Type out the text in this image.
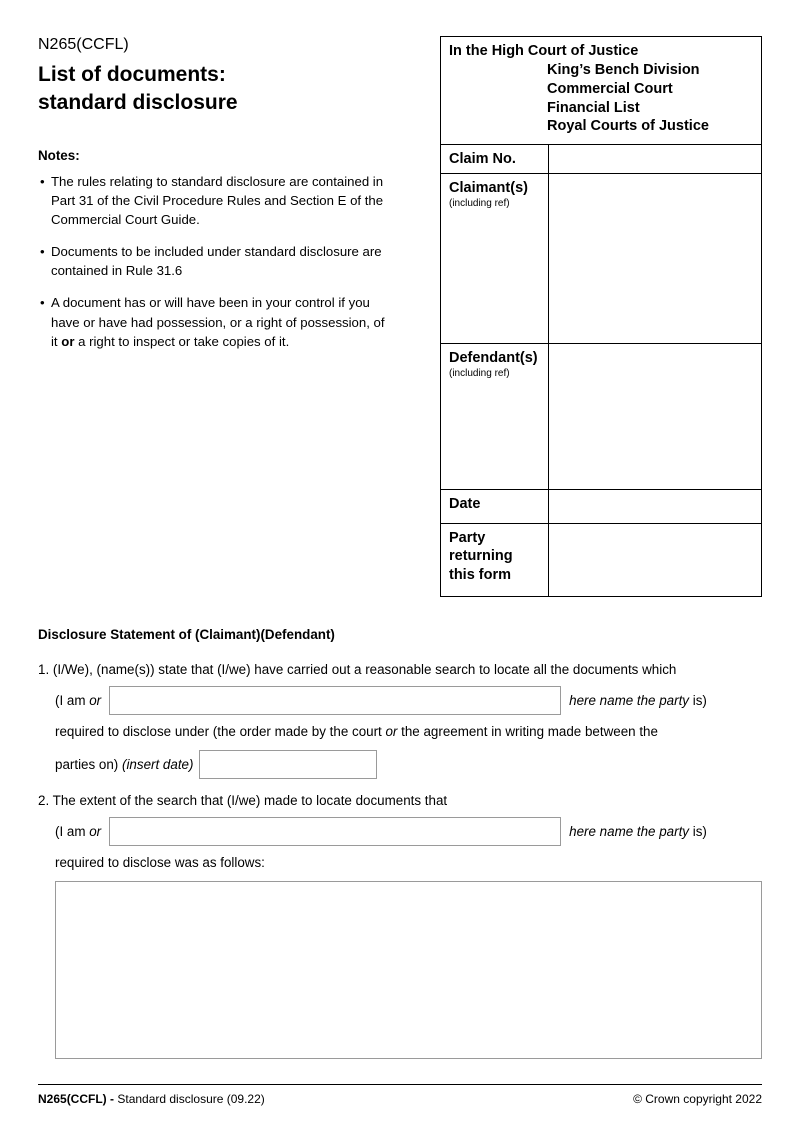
N265(CCFL)
List of documents:
standard disclosure
Notes:
• The rules relating to standard disclosure are contained in Part 31 of the Civil Procedure Rules and Section E of the Commercial Court Guide.
• Documents to be included under standard disclosure are contained in Rule 31.6
• A document has or will have been in your control if you have or have had possession, or a right of possession, of it or a right to inspect or take copies of it.
In the High Court of Justice
King’s Bench Division
Commercial Court
Financial List
Royal Courts of Justice
Claim No.
Claimant(s)
(including ref)
Defendant(s)
(including ref)
Date
Party returning this form
Disclosure Statement of (Claimant)(Defendant)
1. (I/We), (name(s)) state that (I/we) have carried out a reasonable search to locate all the documents which
(I am or	here name the party is)
required to disclose under (the order made by the court or the agreement in writing made between the
parties on) (insert date)
2. The extent of the search that (I/we) made to locate documents that
(I am or	here name the party is)
required to disclose was as follows:
N265(CCFL) - Standard disclosure (09.22)	© Crown copyright 2022
